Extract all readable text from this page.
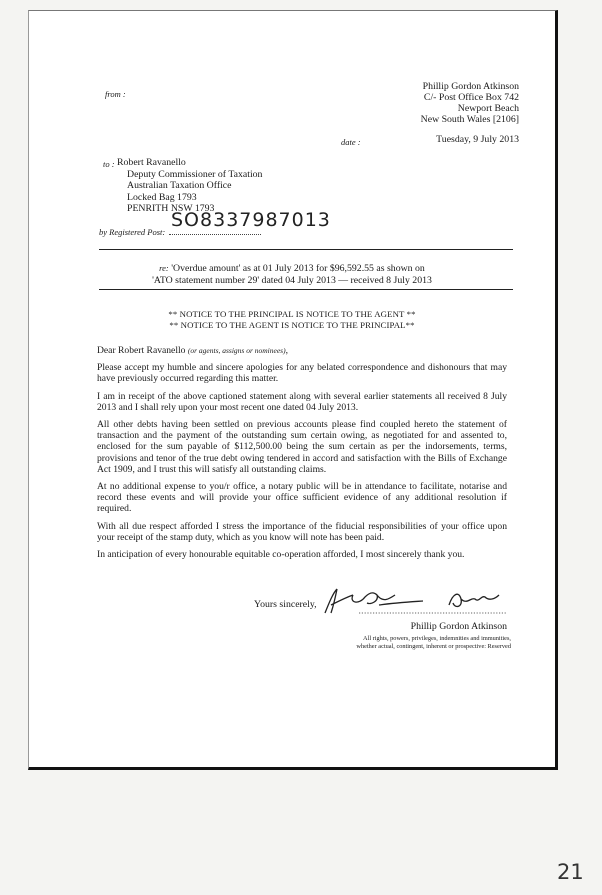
from :
Phillip Gordon Atkinson
C/- Post Office Box 742
Newport Beach
New South Wales [2106]
date :	Tuesday, 9 July 2013
to : Robert Ravanello
Deputy Commissioner of Taxation
Australian Taxation Office
Locked Bag 1793
PENRITH NSW 1793
by Registered Post:
SO8337987013
re: 'Overdue amount' as at 01 July 2013 for $96,592.55 as shown on
'ATO statement number 29' dated 04 July 2013 — received 8 July 2013
** NOTICE TO THE PRINCIPAL IS NOTICE TO THE AGENT **
** NOTICE TO THE AGENT IS NOTICE TO THE PRINCIPAL**

Dear Robert Ravanello (or agents, assigns or nominees),

Please accept my humble and sincere apologies for any belated correspondence and dishonours that may have previously occurred regarding this matter.

I am in receipt of the above captioned statement along with several earlier statements all received 8 July 2013 and I shall rely upon your most recent one dated 04 July 2013.

All other debts having been settled on previous accounts please find coupled hereto the statement of transaction and the payment of the outstanding sum certain owing, as negotiated for and assented to, enclosed for the sum payable of $112,500.00 being the sum certain as per the indorsements, terms, provisions and tenor of the true debt owing tendered in accord and satisfaction with the Bills of Exchange Act 1909, and I trust this will satisfy all outstanding claims.

At no additional expense to you/r office, a notary public will be in attendance to facilitate, notarise and record these events and will provide your office sufficient evidence of any additional resolution if required.

With all due respect afforded I stress the importance of the fiducial responsibilities of your office upon your receipt of the stamp duty, which as you know will note has been paid.

In anticipation of every honourable equitable co-operation afforded, I most sincerely thank you.

Yours sincerely,
Phillip Gordon Atkinson
All rights, powers, privileges, indemnities and immunities,
whether actual, contingent, inherent or prospective: Reserved
21
